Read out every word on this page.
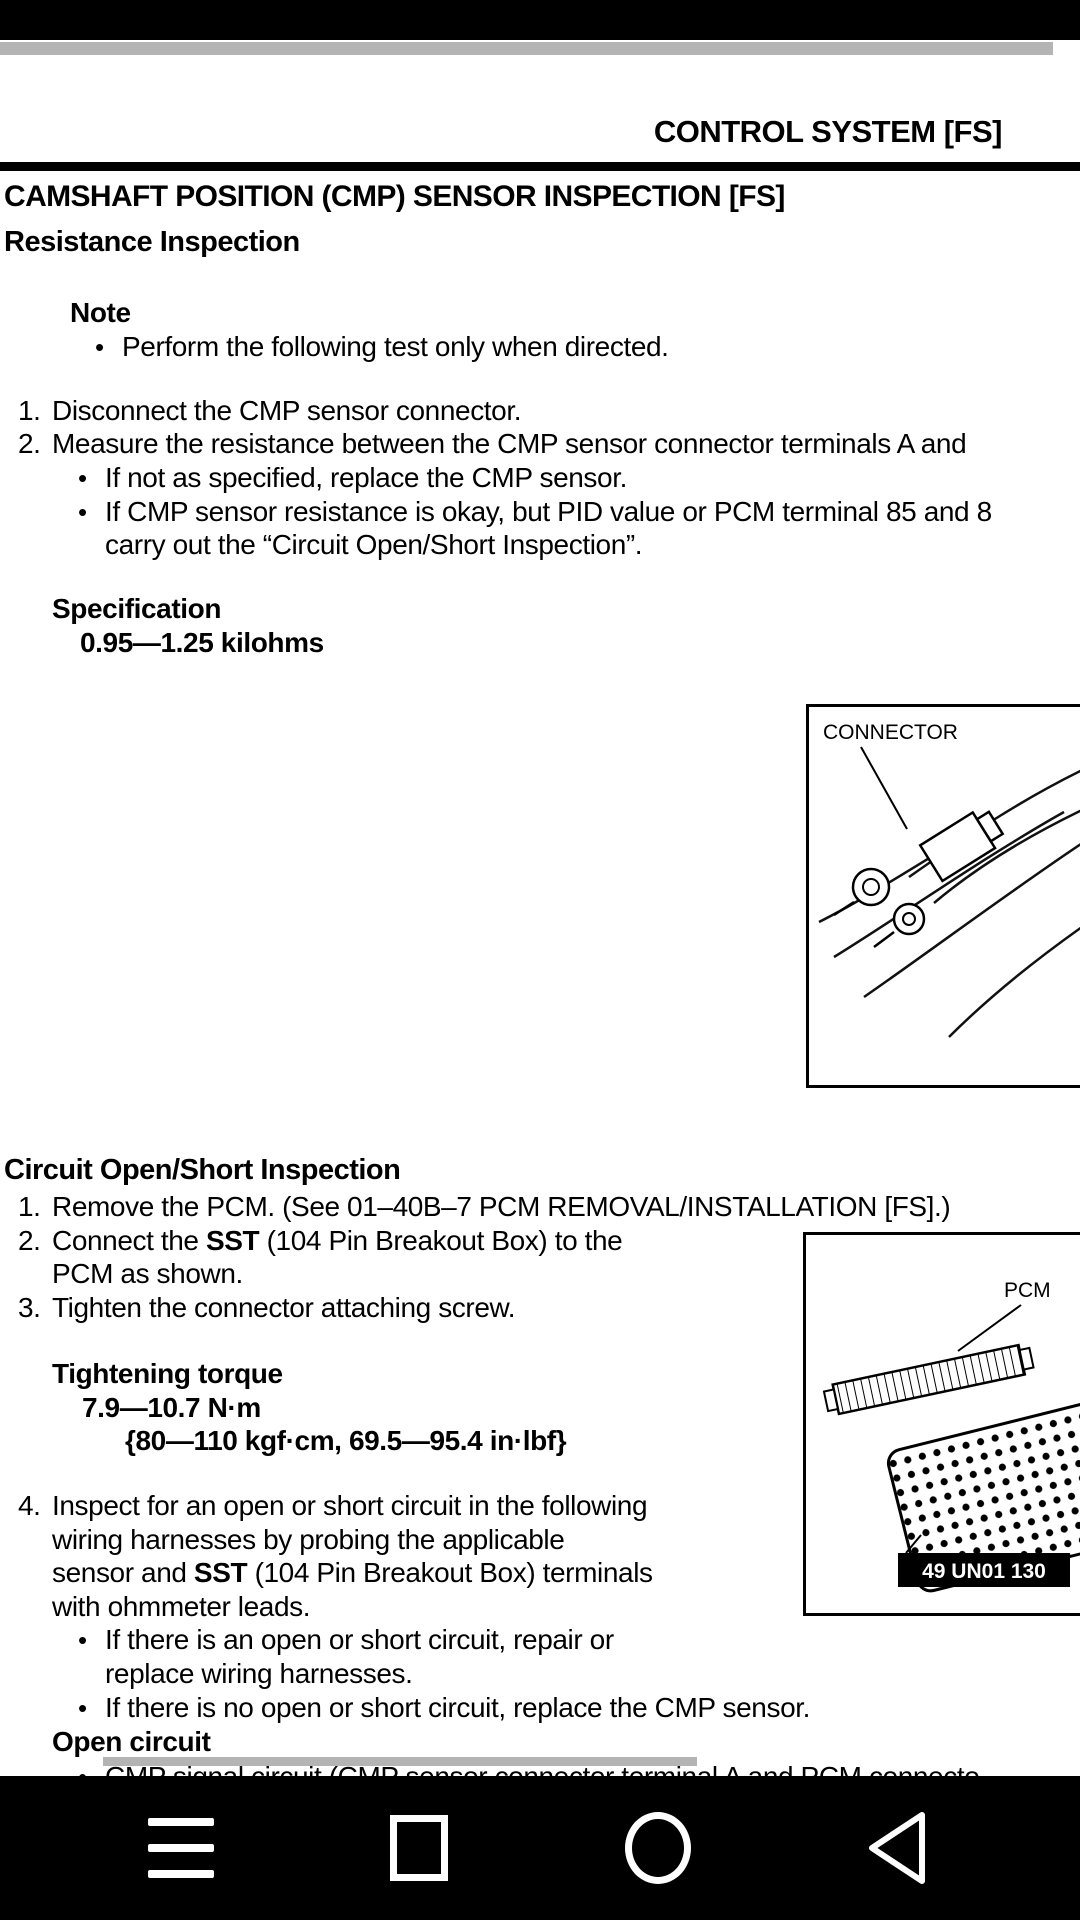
CONTROL SYSTEM [FS]
CAMSHAFT POSITION (CMP) SENSOR INSPECTION [FS]
Resistance Inspection
Note
• Perform the following test only when directed.
1. Disconnect the CMP sensor connector.
2. Measure the resistance between the CMP sensor connector terminals A and
• If not as specified, replace the CMP sensor.
• If CMP sensor resistance is okay, but PID value or PCM terminal 85 and 8
carry out the “Circuit Open/Short Inspection”.
Specification
0.95—1.25 kilohms
CONNECTOR
Circuit Open/Short Inspection
1. Remove the PCM. (See 01–40B–7 PCM REMOVAL/INSTALLATION [FS].)
2. Connect the SST (104 Pin Breakout Box) to the
PCM as shown.
3. Tighten the connector attaching screw.
Tightening torque
7.9—10.7 N·m
{80—110 kgf·cm, 69.5—95.4 in·lbf}
4. Inspect for an open or short circuit in the following
wiring harnesses by probing the applicable
sensor and SST (104 Pin Breakout Box) terminals
with ohmmeter leads.
• If there is an open or short circuit, repair or
replace wiring harnesses.
• If there is no open or short circuit, replace the CMP sensor.
Open circuit
PCM
49 UN01 130
